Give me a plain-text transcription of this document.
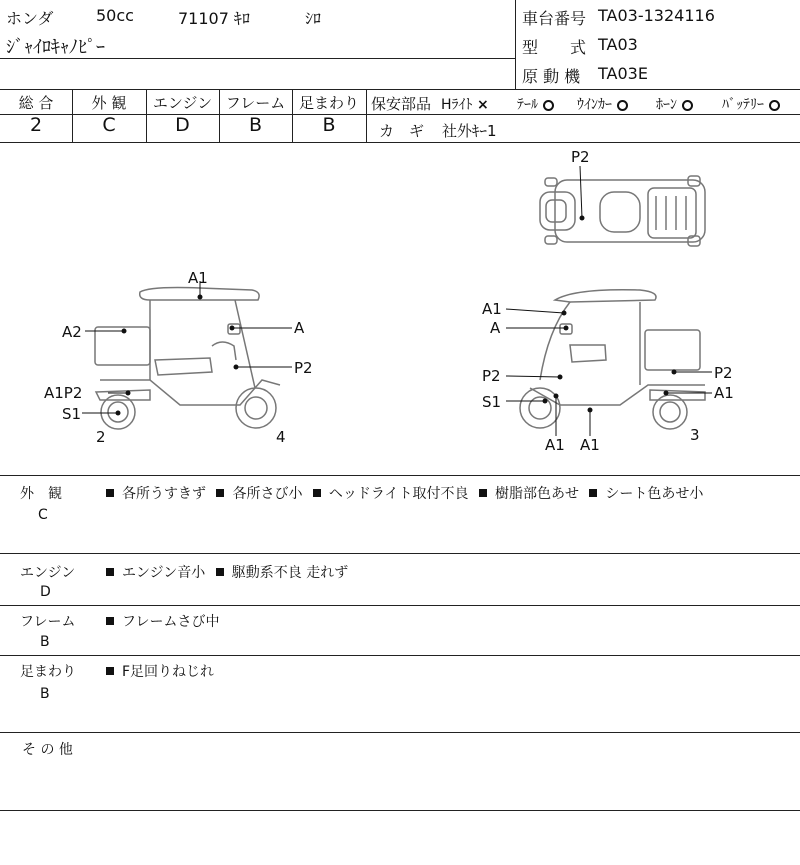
ホンダ	50cc	71107 ｷﾛ	ｼﾛ
ｼﾞｬｲﾛｷｬﾉﾋﾟｰ
車台番号 TA03-1324116
型　　式 TA03
原 動 機 TA03E
総 合	外 観	エンジン フレーム 足まわり
2	C	D	B	B
保安部品 Hﾗｲﾄ × ﾃｰﾙ	ｳｲﾝｶｰ	ﾎｰﾝ	ﾊﾞｯﾃﾘｰ
カ　ギ 社外ｷｰ1
P2
A1
A2	A
P2
A1P2
S1
2	4
A1
A
P2	P2
S1	A1
A1 A1
3
外　観
C
各所うすきず 各所さび小 ヘッドライト取付不良 樹脂部色あせ シート色あせ小
エンジン
D
エンジン音小 駆動系不良 走れず
フレーム
B
フレームさび中
足まわり
B
F足回りねじれ
そ の 他
